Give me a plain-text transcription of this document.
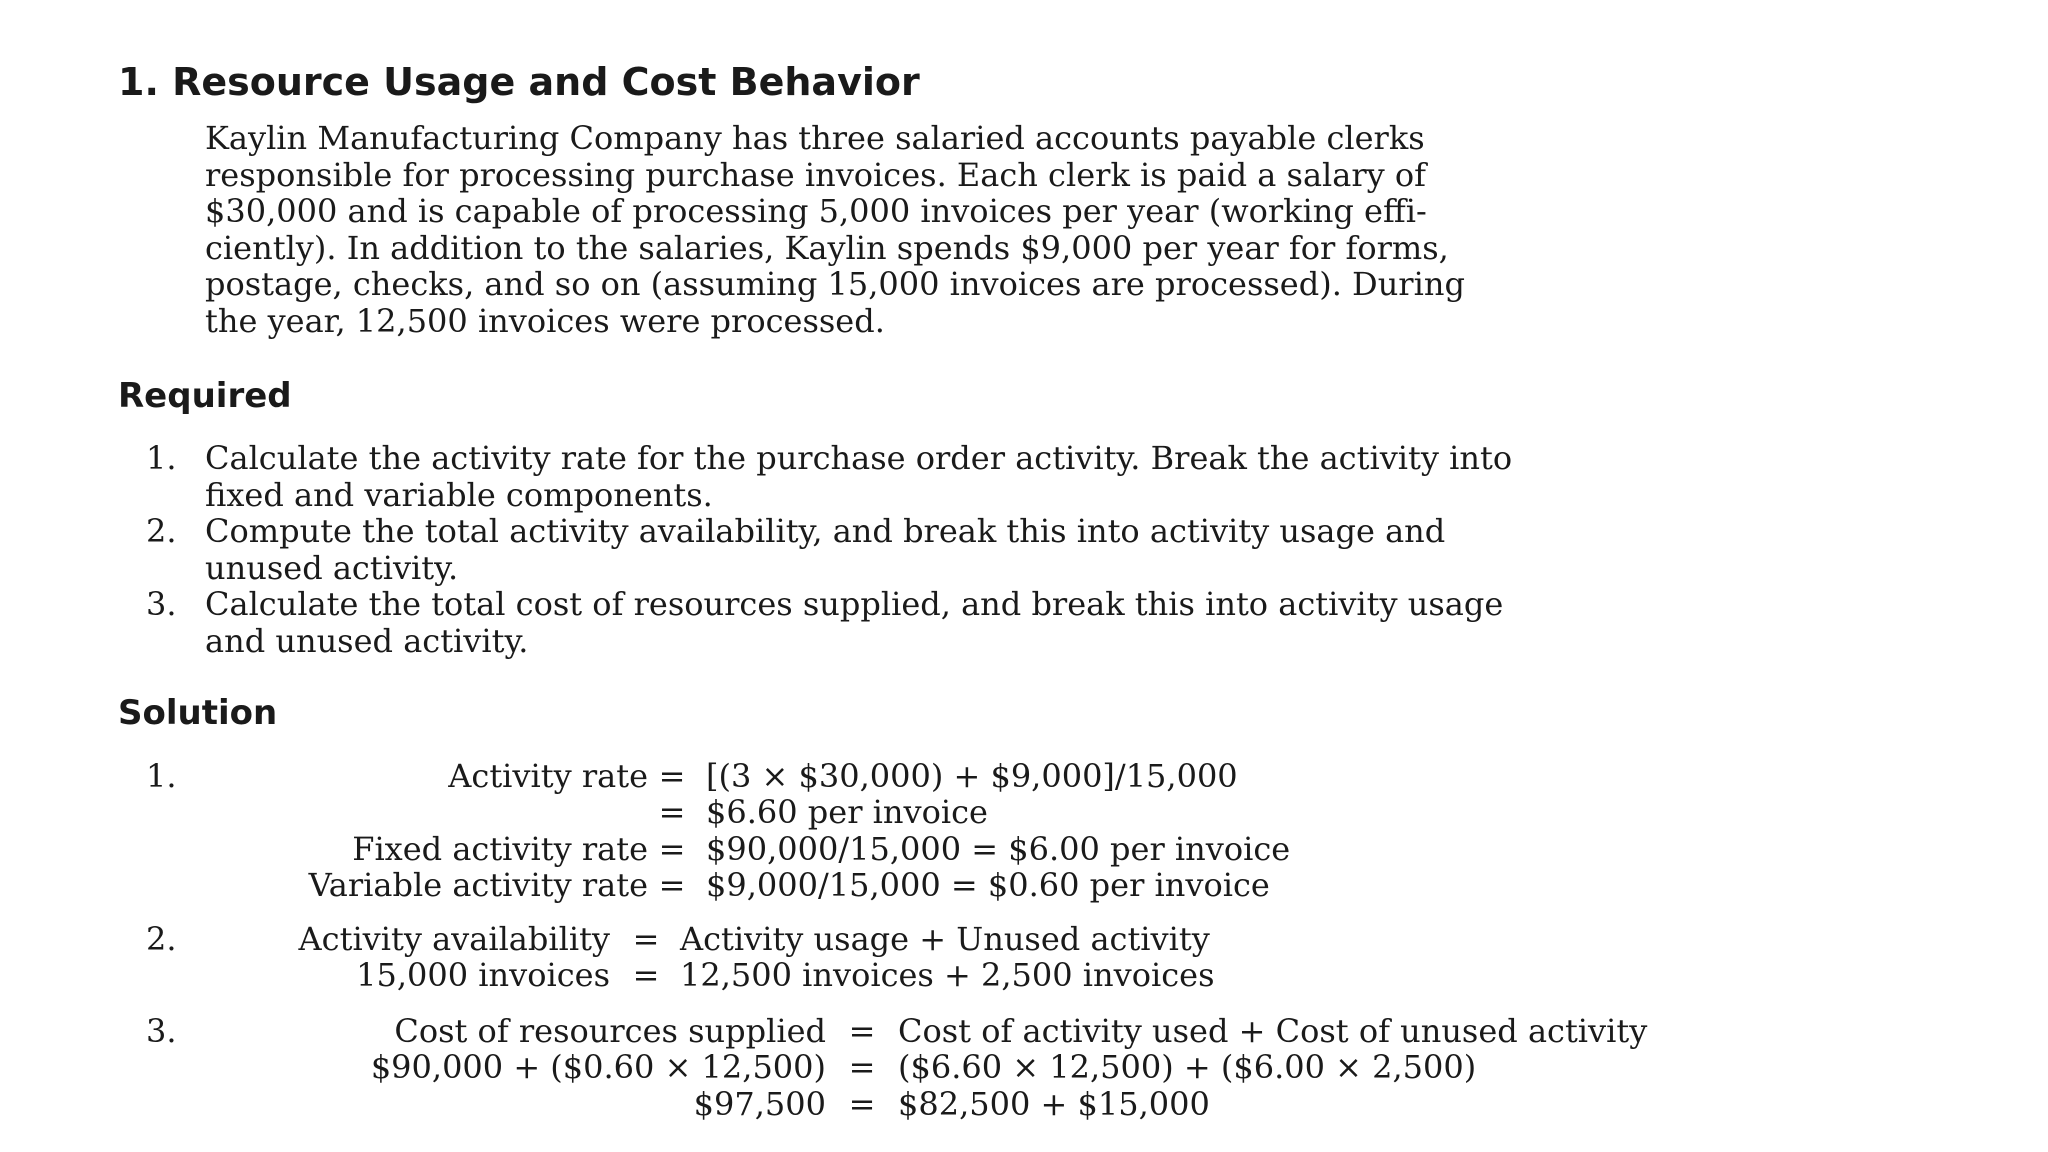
1. Resource Usage and Cost Behavior

Kaylin Manufacturing Company has three salaried accounts payable clerks
responsible for processing purchase invoices. Each clerk is paid a salary of
$30,000 and is capable of processing 5,000 invoices per year (working effi-
ciently). In addition to the salaries, Kaylin spends $9,000 per year for forms,
postage, checks, and so on (assuming 15,000 invoices are processed). During
the year, 12,500 invoices were processed.

Required
1. Calculate the activity rate for the purchase order activity. Break the activity into
fixed and variable components.
2. Compute the total activity availability, and break this into activity usage and
unused activity.
3. Calculate the total cost of resources supplied, and break this into activity usage
and unused activity.
Solution
1.	Activity rate = [(3 × $30,000) + $9,000]/15,000
= $6.60 per invoice
Fixed activity rate = $90,000/15,000 = $6.00 per invoice
Variable activity rate = $9,000/15,000 = $0.60 per invoice
2.	Activity availability = Activity usage + Unused activity
15,000 invoices = 12,500 invoices + 2,500 invoices
3.	Cost of resources supplied = Cost of activity used + Cost of unused activity
$90,000 + ($0.60 × 12,500) = ($6.60 × 12,500) + ($6.00 × 2,500)
$97,500 = $82,500 + $15,000
